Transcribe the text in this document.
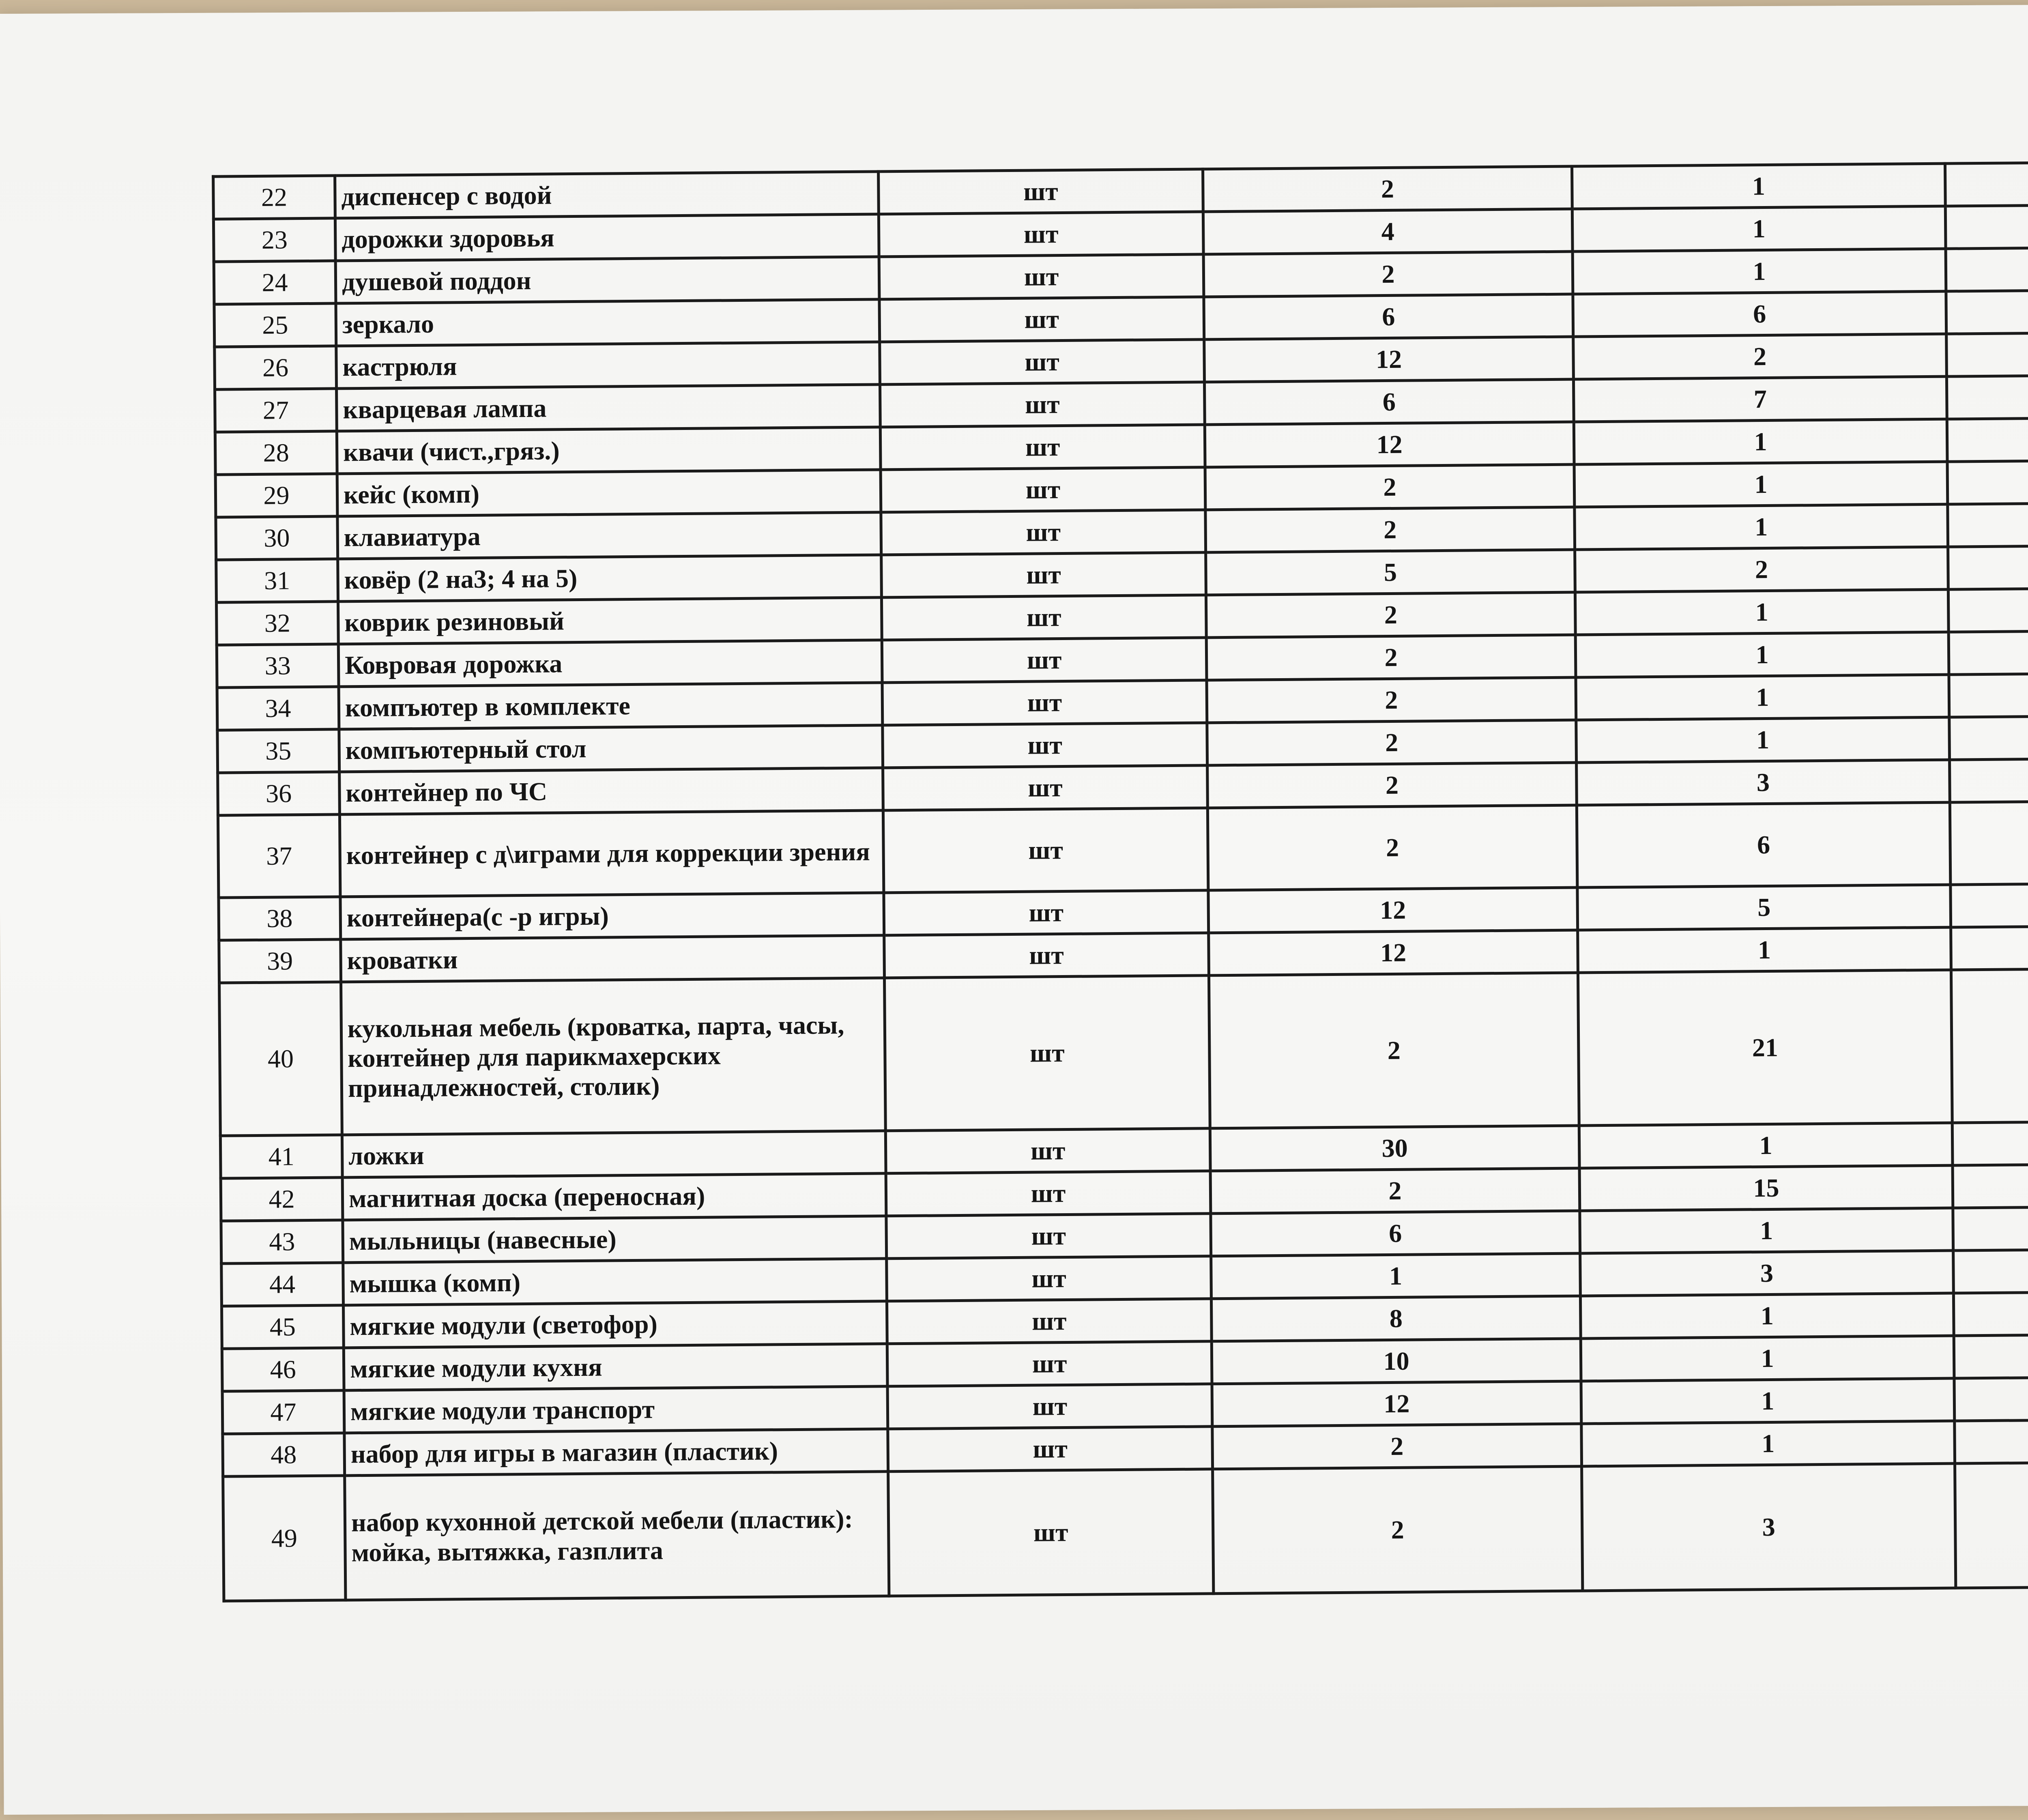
22	диспенсер с водой	шт	2	1	
23	дорожки здоровья	шт	4	1	
24	душевой поддон	шт	2	1	
25	зеркало	шт	6	6	
26	кастрюля	шт	12	2	
27	кварцевая лампа	шт	6	7	
28	квачи (чист.,гряз.)	шт	12	1	
29	кейс (комп)	шт	2	1	
30	клавиатура	шт	2	1	
31	ковёр (2 на3; 4 на 5)	шт	5	2	
32	коврик резиновый	шт	2	1	
33	Ковровая дорожка	шт	2	1	
34	компъютер в комплекте	шт	2	1	
35	компъютерный стол	шт	2	1	
36	контейнер по ЧС	шт	2	3	
37	контейнер с д\играми для коррекции зрения	шт	2	6	
38	контейнера(с -р игры)	шт	12	5	
39	кроватки	шт	12	1	
40	кукольная мебель (кроватка, парта, часы, контейнер для парикмахерских принадлежностей, столик)	шт	2	21	
41	ложки	шт	30	1	
42	магнитная доска (переносная)	шт	2	15	
43	мыльницы (навесные)	шт	6	1	
44	мышка (комп)	шт	1	3	
45	мягкие модули (светофор)	шт	8	1	
46	мягкие модули кухня	шт	10	1	
47	мягкие модули транспорт	шт	12	1	
48	набор для игры в магазин (пластик)	шт	2	1	
49	набор кухонной детской мебели (пластик): мойка, вытяжка, газплита	шт	2	3	
